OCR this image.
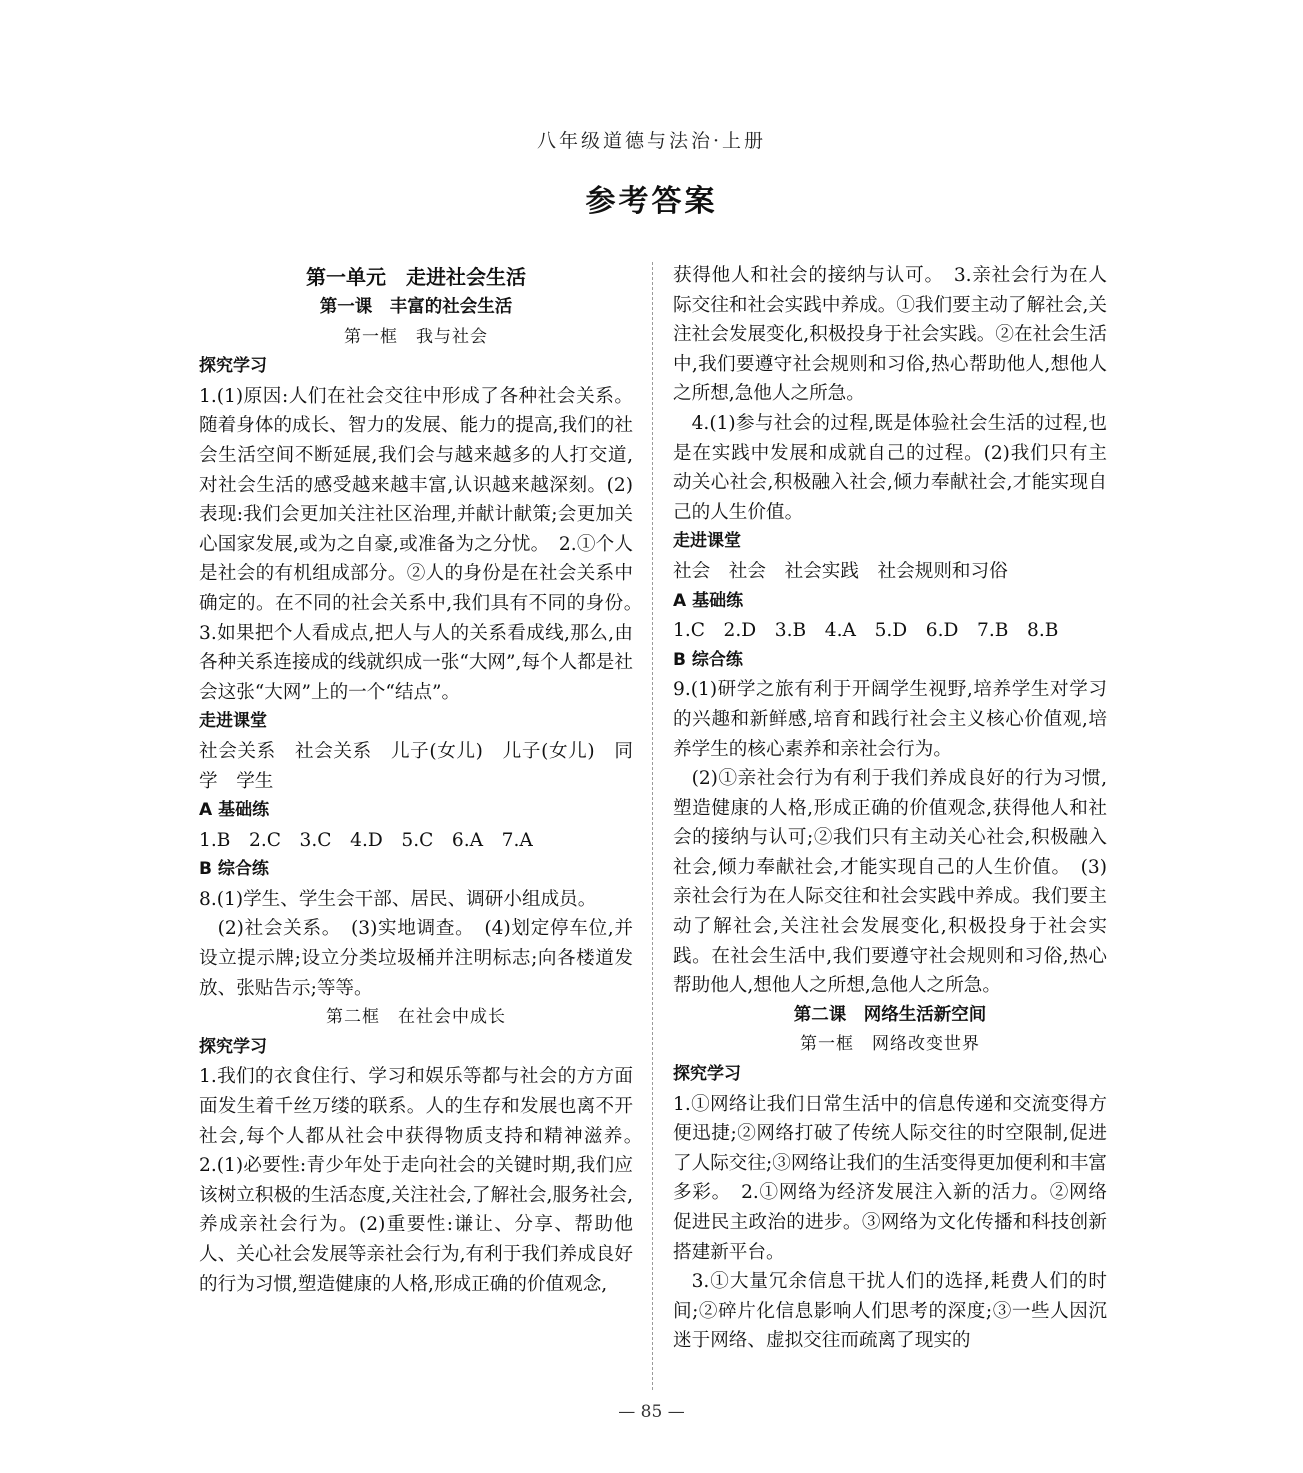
八年级道德与法治·上册
参考答案
第一单元　走进社会生活
第一课　丰富的社会生活
第一框　我与社会
探究学习

1.(1)原因:人们在社会交往中形成了各种社会关系。随着身体的成长、智力的发展、能力的提高,我们的社会生活空间不断延展,我们会与越来越多的人打交道,对社会生活的感受越来越丰富,认识越来越深刻。(2)表现:我们会更加关注社区治理,并献计献策;会更加关心国家发展,或为之自豪,或准备为之分忧。　2.①个人是社会的有机组成部分。②人的身份是在社会关系中确定的。在不同的社会关系中,我们具有不同的身份。　3.如果把个人看成点,把人与人的关系看成线,那么,由各种关系连接成的线就织成一张“大网”,每个人都是社会这张“大网”上的一个“结点”。

走进课堂

社会关系　社会关系　儿子(女儿)　儿子(女儿)　同学　学生

A 基础练

1.B　2.C　3.C　4.D　5.C　6.A　7.A

B 综合练

8.(1)学生、学生会干部、居民、调研小组成员。

(2)社会关系。　(3)实地调查。　(4)划定停车位,并设立提示牌;设立分类垃圾桶并注明标志;向各楼道发放、张贴告示;等等。

第二框　在社会中成长
探究学习

1.我们的衣食住行、学习和娱乐等都与社会的方方面面发生着千丝万缕的联系。人的生存和发展也离不开社会,每个人都从社会中获得物质支持和精神滋养。　2.(1)必要性:青少年处于走向社会的关键时期,我们应该树立积极的生活态度,关注社会,了解社会,服务社会,养成亲社会行为。(2)重要性:谦让、分享、帮助他人、关心社会发展等亲社会行为,有利于我们养成良好的行为习惯,塑造健康的人格,形成正确的价值观念,

获得他人和社会的接纳与认可。　3.亲社会行为在人际交往和社会实践中养成。①我们要主动了解社会,关注社会发展变化,积极投身于社会实践。②在社会生活中,我们要遵守社会规则和习俗,热心帮助他人,想他人之所想,急他人之所急。

4.(1)参与社会的过程,既是体验社会生活的过程,也是在实践中发展和成就自己的过程。(2)我们只有主动关心社会,积极融入社会,倾力奉献社会,才能实现自己的人生价值。

走进课堂

社会　社会　社会实践　社会规则和习俗

A 基础练

1.C　2.D　3.B　4.A　5.D　6.D　7.B　8.B

B 综合练

9.(1)研学之旅有利于开阔学生视野,培养学生对学习的兴趣和新鲜感,培育和践行社会主义核心价值观,培养学生的核心素养和亲社会行为。

(2)①亲社会行为有利于我们养成良好的行为习惯,塑造健康的人格,形成正确的价值观念,获得他人和社会的接纳与认可;②我们只有主动关心社会,积极融入社会,倾力奉献社会,才能实现自己的人生价值。　(3)亲社会行为在人际交往和社会实践中养成。我们要主动了解社会,关注社会发展变化,积极投身于社会实践。在社会生活中,我们要遵守社会规则和习俗,热心帮助他人,想他人之所想,急他人之所急。

第二课　网络生活新空间
第一框　网络改变世界
探究学习

1.①网络让我们日常生活中的信息传递和交流变得方便迅捷;②网络打破了传统人际交往的时空限制,促进了人际交往;③网络让我们的生活变得更加便利和丰富多彩。　2.①网络为经济发展注入新的活力。②网络促进民主政治的进步。③网络为文化传播和科技创新搭建新平台。

3.①大量冗余信息干扰人们的选择,耗费人们的时间;②碎片化信息影响人们思考的深度;③一些人因沉迷于网络、虚拟交往而疏离了现实的

— 85 —
